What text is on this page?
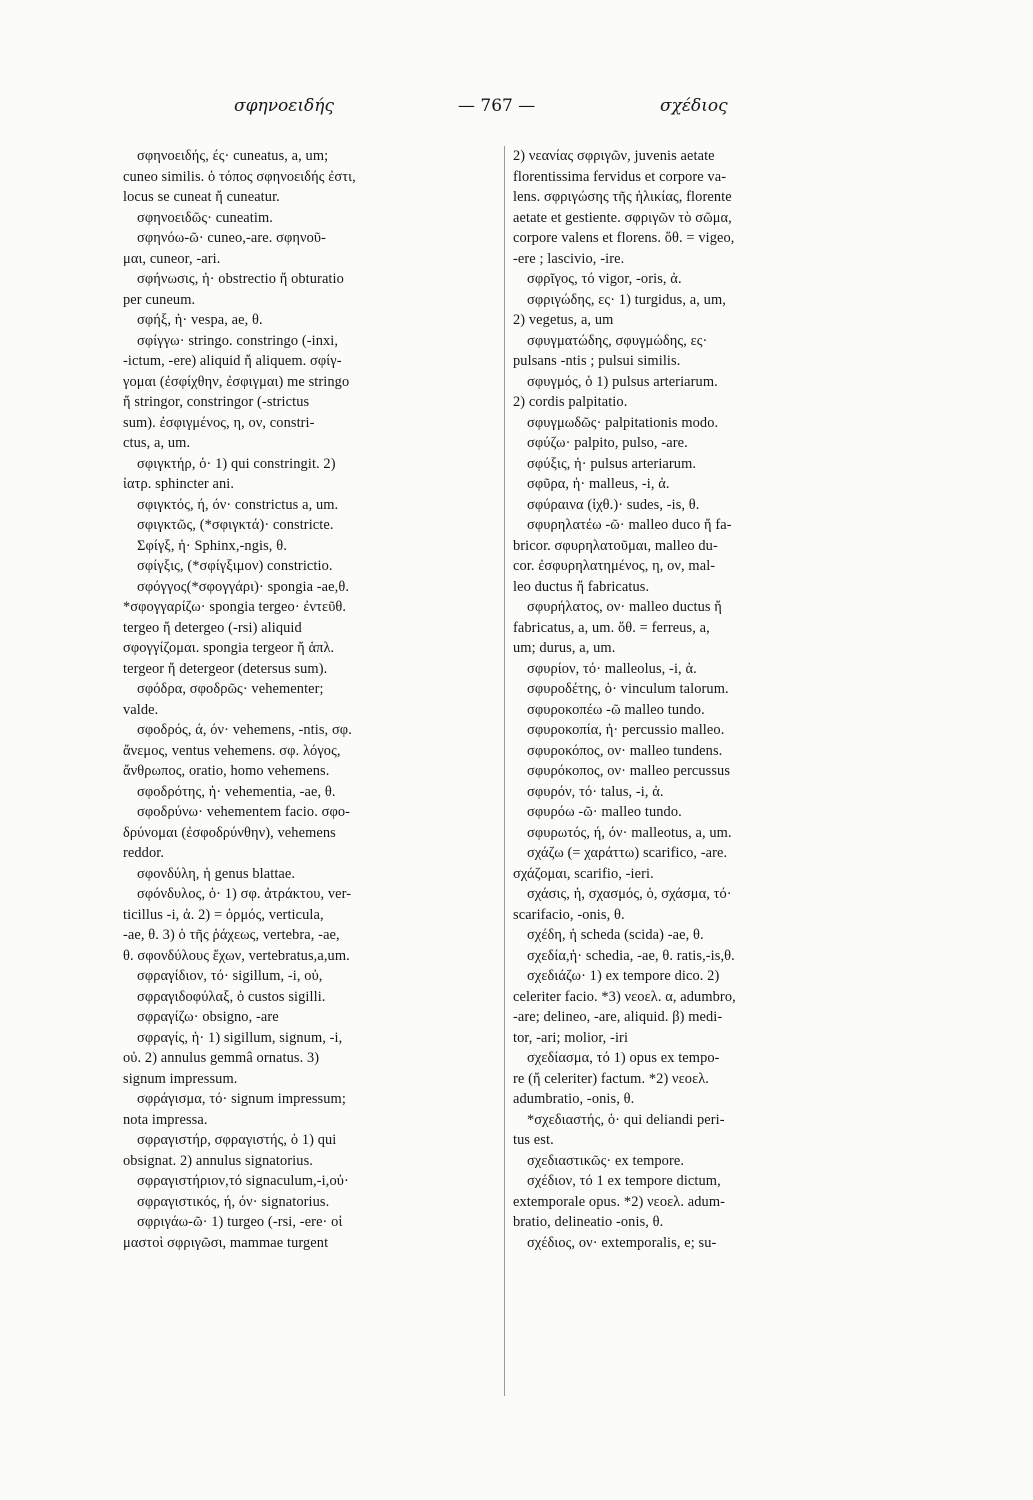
σφηνοειδής	— 767 —	σχέδιος
σφηνοειδής, ές· cuneatus, a, um;
cuneo similis. ὁ τόπος σφηνοειδής ἐστι,
locus se cuneat ἤ cuneatur.
σφηνοειδῶς· cuneatim.
σφηνόω-ῶ· cuneo,-are. σφηνοῦ-
μαι, cuneor, -ari.
σφήνωσις, ἡ· obstrectio ἤ obturatio
per cuneum.
σφήξ, ἡ· vespa, ae, θ.
σφίγγω· stringo. constringo (-inxi,
-ictum, -ere) aliquid ἤ aliquem. σφίγ-
γομαι (ἐσφίχθην, ἐσφιγμαι) me stringo
ἤ stringor, constringor (-strictus
sum). ἐσφιγμένος, η, ον, constri-
ctus, a, um.
σφιγκτήρ, ὁ· 1) qui constringit. 2)
ἰατρ. sphincter ani.
σφιγκτός, ή, όν· constrictus a, um.
σφιγκτῶς, (*σφιγκτά)· constricte.
Σφίγξ, ἡ· Sphinx,-ngis, θ.
σφίγξις, (*σφίγξιμον) constrictio.
σφόγγος(*σφογγάρι)· spongia -ae,θ.
*σφογγαρίζω· spongia tergeo· ἐντεῦθ.
tergeo ἤ detergeo (-rsi) aliquid
σφογγίζομαι. spongia tergeor ἤ ἁπλ.
tergeor ἤ detergeor (detersus sum).
σφόδρα, σφοδρῶς· vehementer;
valde.
σφοδρός, ά, όν· vehemens, -ntis, σφ.
ἄνεμος, ventus vehemens. σφ. λόγος,
ἄνθρωπος, oratio, homo vehemens.
σφοδρότης, ἡ· vehementia, -ae, θ.
σφοδρύνω· vehementem facio. σφο-
δρύνομαι (ἐσφοδρύνθην), vehemens
reddor.
σφονδύλη, ἡ genus blattae.
σφόνδυλος, ὁ· 1) σφ. ἀτράκτου, ver-
ticillus -i, ἀ. 2) = ὁρμός, verticula,
-ae, θ. 3) ὁ τῆς ῥάχεως, vertebra, -ae,
θ. σφονδύλους ἔχων, vertebratus,a,um.
σφραγίδιον, τό· sigillum, -i, οὐ,
σφραγιδοφύλαξ, ὁ custos sigilli.
σφραγίζω· obsigno, -are
σφραγίς, ἡ· 1) sigillum, signum, -i,
οὐ. 2) annulus gemmâ ornatus. 3)
signum impressum.
σφράγισμα, τό· signum impressum;
nota impressa.
σφραγιστήρ, σφραγιστής, ὁ 1) qui
obsignat. 2) annulus signatorius.
σφραγιστήριον,τό signaculum,-i,οὐ·
σφραγιστικός, ή, όν· signatorius.
σφριγάω-ῶ· 1) turgeo (-rsi, -ere· οἱ
μαστοὶ σφριγῶσι, mammae turgent
2) νεανίας σφριγῶν, juvenis aetate
florentissima fervidus et corpore va-
lens. σφριγώσης τῆς ἡλικίας, florente
aetate et gestiente. σφριγῶν τὸ σῶμα,
corpore valens et florens. ὅθ. = vigeo,
-ere ; lascivio, -ire.
σφρῖγος, τό vigor, -oris, ἀ.
σφριγώδης, ες· 1) turgidus, a, um,
2) vegetus, a, um
σφυγματώδης, σφυγμώδης, ες·
pulsans -ntis ; pulsui similis.
σφυγμός, ὁ 1) pulsus arteriarum.
2) cordis palpitatio.
σφυγμωδῶς· palpitationis modo.
σφύζω· palpito, pulso, -are.
σφύξις, ἡ· pulsus arteriarum.
σφῦρα, ἡ· malleus, -i, ἀ.
σφύραινα (ἰχθ.)· sudes, -is, θ.
σφυρηλατέω -ῶ· malleo duco ἤ fa-
bricor. σφυρηλατοῦμαι, malleo du-
cor. ἐσφυρηλατημένος, η, ον, mal-
leo ductus ἤ fabricatus.
σφυρήλατος, ον· malleo ductus ἤ
fabricatus, a, um. ὅθ. = ferreus, a,
um; durus, a, um.
σφυρίον, τό· malleolus, -i, ἀ.
σφυροδέτης, ὁ· vinculum talorum.
σφυροκοπέω -ῶ malleo tundo.
σφυροκοπία, ἡ· percussio malleo.
σφυροκόπος, ον· malleo tundens.
σφυρόκοπος, ον· malleo percussus
σφυρόν, τό· talus, -i, ἀ.
σφυρόω -ῶ· malleo tundo.
σφυρωτός, ή, όν· malleotus, a, um.
σχάζω (= χαράττω) scarifico, -are.
σχάζομαι, scarifio, -ieri.
σχάσις, ἡ, σχασμός, ὁ, σχάσμα, τό·
scarifacio, -onis, θ.
σχέδη, ἡ scheda (scida) -ae, θ.
σχεδία,ἡ· schedia, -ae, θ. ratis,-is,θ.
σχεδιάζω· 1) ex tempore dico. 2)
celeriter facio. *3) νεοελ. α, adumbro,
-are; delineo, -are, aliquid. β) medi-
tor, -ari; molior, -iri
σχεδίασμα, τό 1) opus ex tempo-
re (ἤ celeriter) factum. *2) νεοελ.
adumbratio, -onis, θ.
*σχεδιαστής, ὁ· qui deliandi peri-
tus est.
σχεδιαστικῶς· ex tempore.
σχέδιον, τό 1 ex tempore dictum,
extemporale opus. *2) νεοελ. adum-
bratio, delineatio -onis, θ.
σχέδιος, ον· extemporalis, e; su-
